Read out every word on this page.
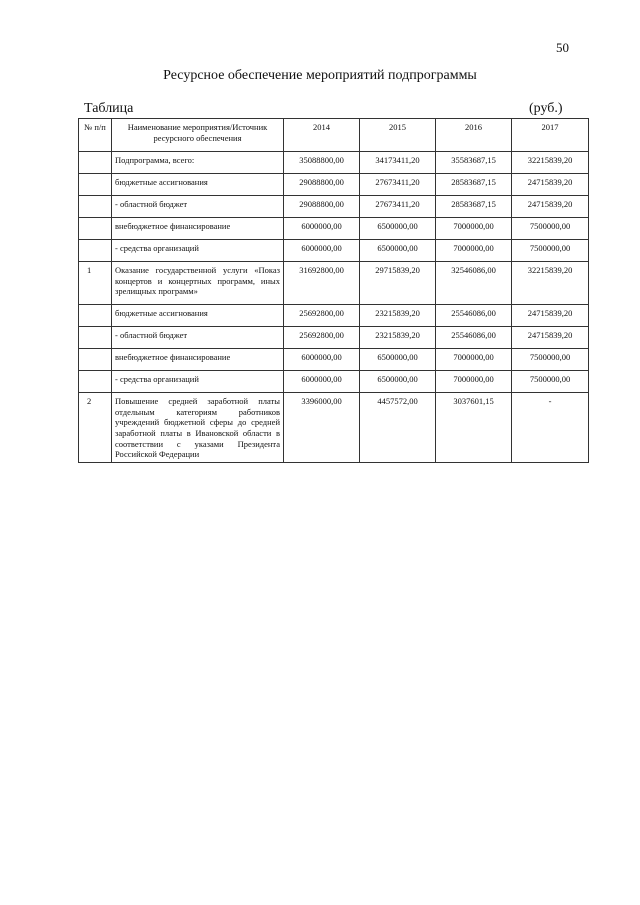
50
Ресурсное обеспечение мероприятий подпрограммы
Таблица	(руб.)
№ п/п	Наименование мероприятия/Источник ресурсного обеспечения	2014	2015	2016	2017
	Подпрограмма, всего:	35088800,00	34173411,20	35583687,15	32215839,20
	бюджетные ассигнования	29088800,00	27673411,20	28583687,15	24715839,20
	- областной бюджет	29088800,00	27673411,20	28583687,15	24715839,20
	внебюджетное финансирование	6000000,00	6500000,00	7000000,00	7500000,00
	- средства организаций	6000000,00	6500000,00	7000000,00	7500000,00
1	Оказание государственной услуги «Показ концертов и концертных программ, иных зрелищных программ»	31692800,00	29715839,20	32546086,00	32215839,20
	бюджетные ассигнования	25692800,00	23215839,20	25546086,00	24715839,20
	- областной бюджет	25692800,00	23215839,20	25546086,00	24715839,20
	внебюджетное финансирование	6000000,00	6500000,00	7000000,00	7500000,00
	- средства организаций	6000000,00	6500000,00	7000000,00	7500000,00
2	Повышение средней заработной платы отдельным категориям работников учреждений бюджетной сферы до средней заработной платы в Ивановской области в соответствии с указами Президента Российской Федерации	3396000,00	4457572,00	3037601,15	-
